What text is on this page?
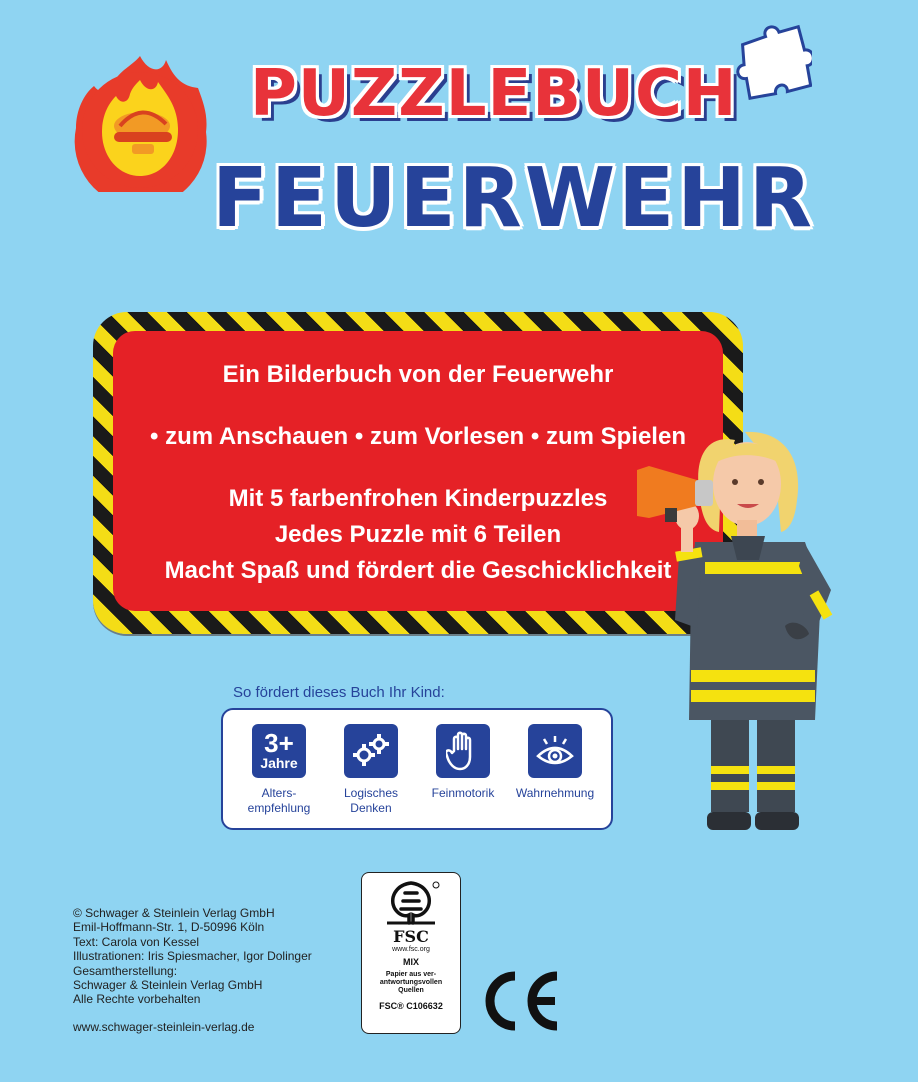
PUZZLEBUCH
FEUERWEHR
Ein Bilderbuch von der Feuerwehr
• zum Anschauen • zum Vorlesen • zum Spielen
Mit 5 farbenfrohen Kinderpuzzles
Jedes Puzzle mit 6 Teilen
Macht Spaß und fördert die Geschicklichkeit
So fördert dieses Buch Ihr Kind:
3+
Jahre
Alters-
empfehlung
Logisches
Denken
Feinmotorik Wahrnehmung
© Schwager & Steinlein Verlag GmbH
Emil-Hoffmann-Str. 1, D-50996 Köln
Text: Carola von Kessel
Illustrationen: Iris Spiesmacher, Igor Dolinger
Gesamtherstellung:
Schwager & Steinlein Verlag GmbH
Alle Rechte vorbehalten
www.schwager-steinlein-verlag.de
FSC
www.fsc.org
MIX
Papier aus ver-
antwortungsvollen
Quellen
FSC® C106632
